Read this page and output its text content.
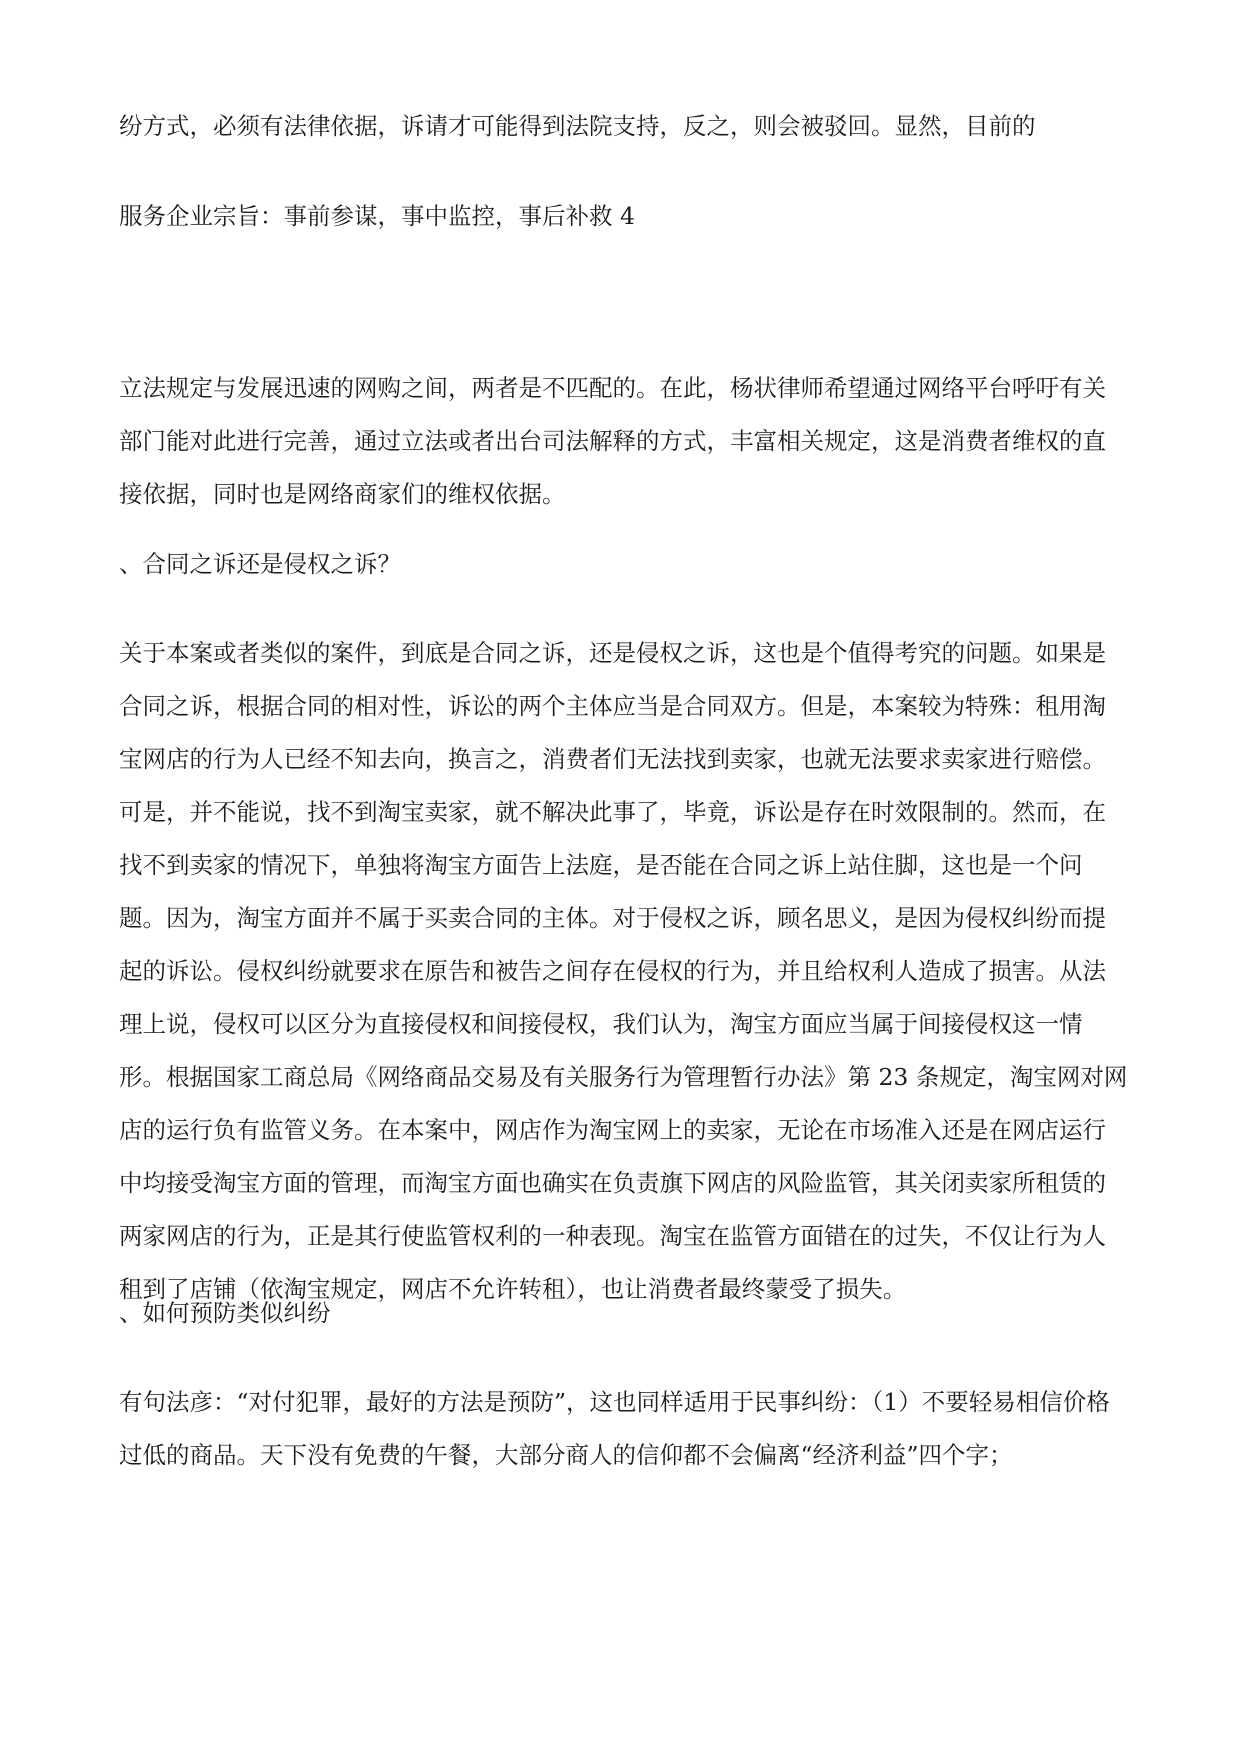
纷方式，必须有法律依据，诉请才可能得到法院支持，反之，则会被驳回。显然，目前的

服务企业宗旨：事前参谋，事中监控，事后补救 4

立法规定与发展迅速的网购之间，两者是不匹配的。在此，杨状律师希望通过网络平台呼吁有关部门能对此进行完善，通过立法或者出台司法解释的方式，丰富相关规定，这是消费者维权的直接依据，同时也是网络商家们的维权依据。

、合同之诉还是侵权之诉？

关于本案或者类似的案件，到底是合同之诉，还是侵权之诉，这也是个值得考究的问题。如果是合同之诉，根据合同的相对性，诉讼的两个主体应当是合同双方。但是，本案较为特殊：租用淘宝网店的行为人已经不知去向，换言之，消费者们无法找到卖家，也就无法要求卖家进行赔偿。可是，并不能说，找不到淘宝卖家，就不解决此事了，毕竟，诉讼是存在时效限制的。然而，在找不到卖家的情况下，单独将淘宝方面告上法庭，是否能在合同之诉上站住脚，这也是一个问题。因为，淘宝方面并不属于买卖合同的主体。对于侵权之诉，顾名思义，是因为侵权纠纷而提起的诉讼。侵权纠纷就要求在原告和被告之间存在侵权的行为，并且给权利人造成了损害。从法理上说，侵权可以区分为直接侵权和间接侵权，我们认为，淘宝方面应当属于间接侵权这一情形。根据国家工商总局《网络商品交易及有关服务行为管理暂行办法》第 23 条规定，淘宝网对网店的运行负有监管义务。在本案中，网店作为淘宝网上的卖家，无论在市场准入还是在网店运行中均接受淘宝方面的管理，而淘宝方面也确实在负责旗下网店的风险监管，其关闭卖家所租赁的两家网店的行为，正是其行使监管权利的一种表现。淘宝在监管方面错在的过失，不仅让行为人租到了店铺（依淘宝规定，网店不允许转租），也让消费者最终蒙受了损失。

、如何预防类似纠纷

有句法彦：“对付犯罪，最好的方法是预防”，这也同样适用于民事纠纷：（1）不要轻易相信价格过低的商品。天下没有免费的午餐，大部分商人的信仰都不会偏离“经济利益”四个字；
